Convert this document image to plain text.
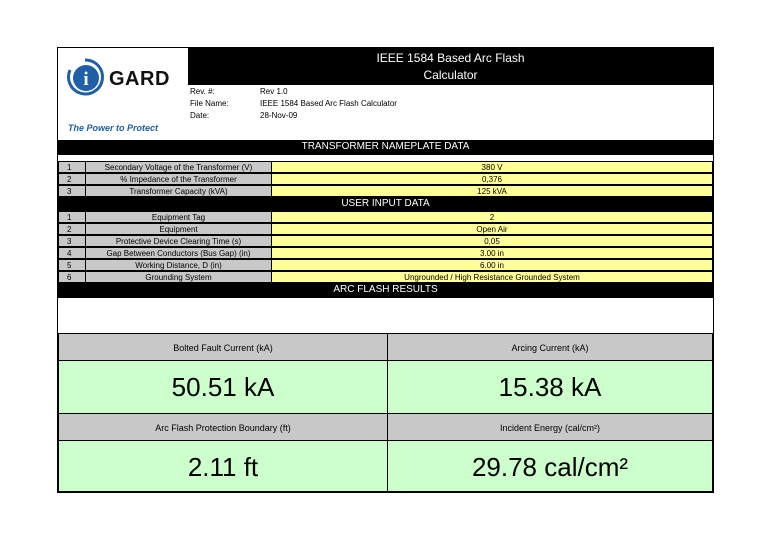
i GARD
The Power to Protect
IEEE 1584 Based Arc Flash
Calculator
Rev. #:	Rev 1.0
File Name:	IEEE 1584 Based Arc Flash Calculator
Date:	28-Nov-09
TRANSFORMER NAMEPLATE DATA
1	Secondary Voltage of the Transformer (V)	380 V
2	% Impedance of the Transformer	0,376
3	Transformer Capacity (kVA)	125 kVA
USER INPUT DATA
1	Equipment Tag	2
2	Equipment	Open Air
3	Protective Device Clearing Time (s)	0,05
4	Gap Between Conductors (Bus Gap) (in)	3.00 in
5	Working Distance, D (in)	6.00 in
6	Grounding System	Ungrounded / High Resistance Grounded System
ARC FLASH RESULTS
Bolted Fault Current (kA)	Arcing Current (kA)
50.51 kA	15.38 kA
Arc Flash Protection Boundary (ft)	Incident Energy (cal/cm²)
2.11 ft	29.78 cal/cm²
